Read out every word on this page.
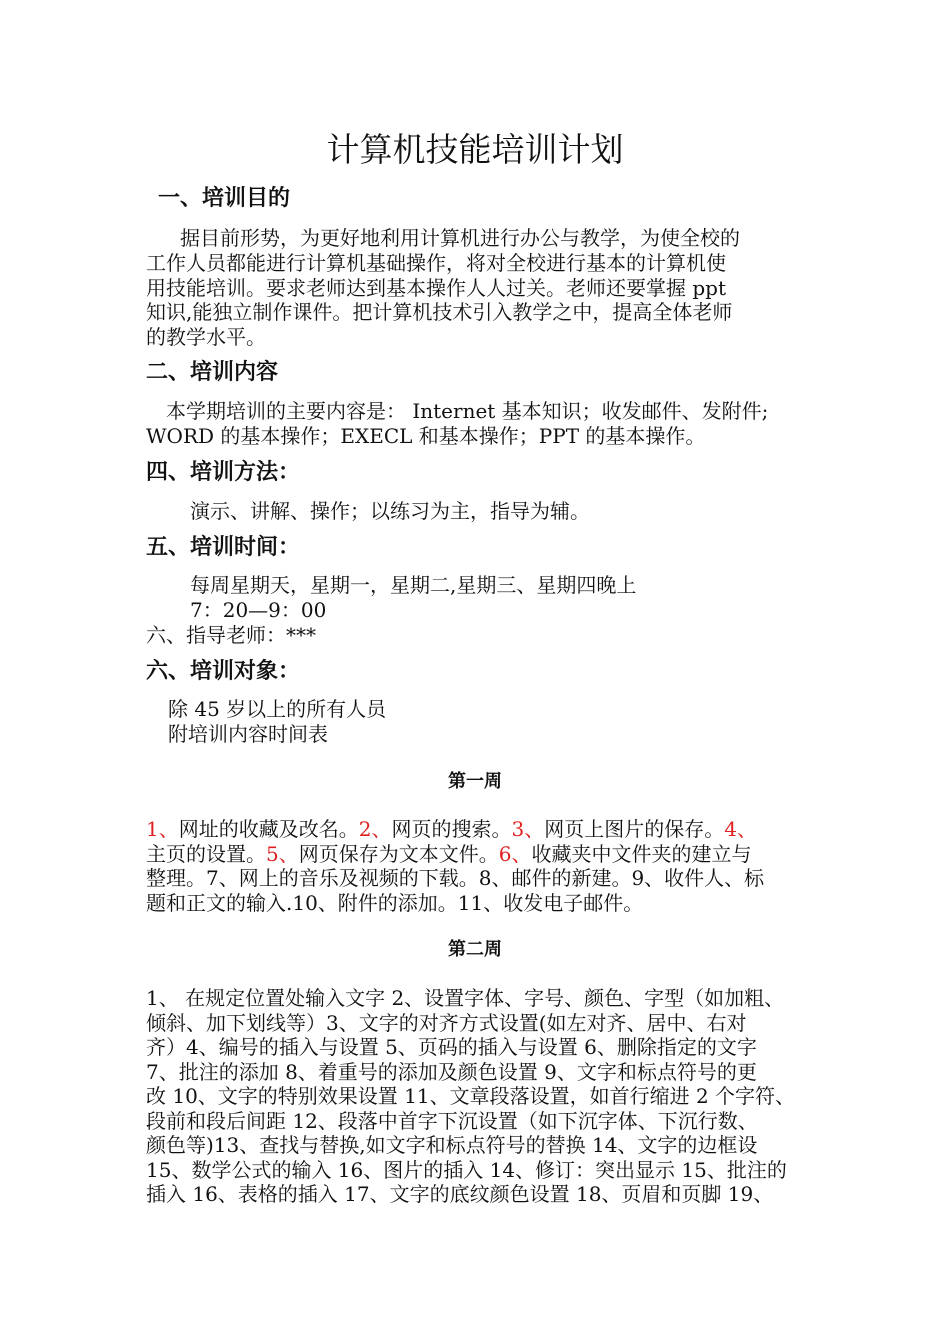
计算机技能培训计划
一、培训目的
据目前形势，为更好地利用计算机进行办公与教学，为使全校的
工作人员都能进行计算机基础操作，将对全校进行基本的计算机使
用技能培训。要求老师达到基本操作人人过关。老师还要掌握 ppt
知识,能独立制作课件。把计算机技术引入教学之中，提高全体老师
的教学水平。
二、培训内容
本学期培训的主要内容是： Internet 基本知识；收发邮件、发附件;
WORD 的基本操作；EXECL 和基本操作；PPT 的基本操作。
四、培训方法：
演示、讲解、操作；以练习为主，指导为辅。
五、培训时间：
每周星期天，星期一，星期二,星期三、星期四晚上
7：20—9：00
六、指导老师：***
六、培训对象：
除 45 岁以上的所有人员
附培训内容时间表
第一周
1、网址的收藏及改名。2、网页的搜索。3、网页上图片的保存。4、
主页的设置。5、网页保存为文本文件。6、收藏夹中文件夹的建立与
整理。7、网上的音乐及视频的下载。8、邮件的新建。9、收件人、标
题和正文的输入.10、附件的添加。11、收发电子邮件。
第二周
1、 在规定位置处输入文字 2、设置字体、字号、颜色、字型（如加粗、
倾斜、加下划线等）3、文字的对齐方式设置(如左对齐、居中、右对
齐）4、编号的插入与设置 5、页码的插入与设置 6、删除指定的文字
7、批注的添加 8、着重号的添加及颜色设置 9、文字和标点符号的更
改 10、文字的特别效果设置 11、文章段落设置，如首行缩进 2 个字符、
段前和段后间距 12、段落中首字下沉设置（如下沉字体、下沉行数、
颜色等)13、查找与替换,如文字和标点符号的替换 14、文字的边框设
15、数学公式的输入 16、图片的插入 14、修订：突出显示 15、批注的
插入 16、表格的插入 17、文字的底纹颜色设置 18、页眉和页脚 19、
